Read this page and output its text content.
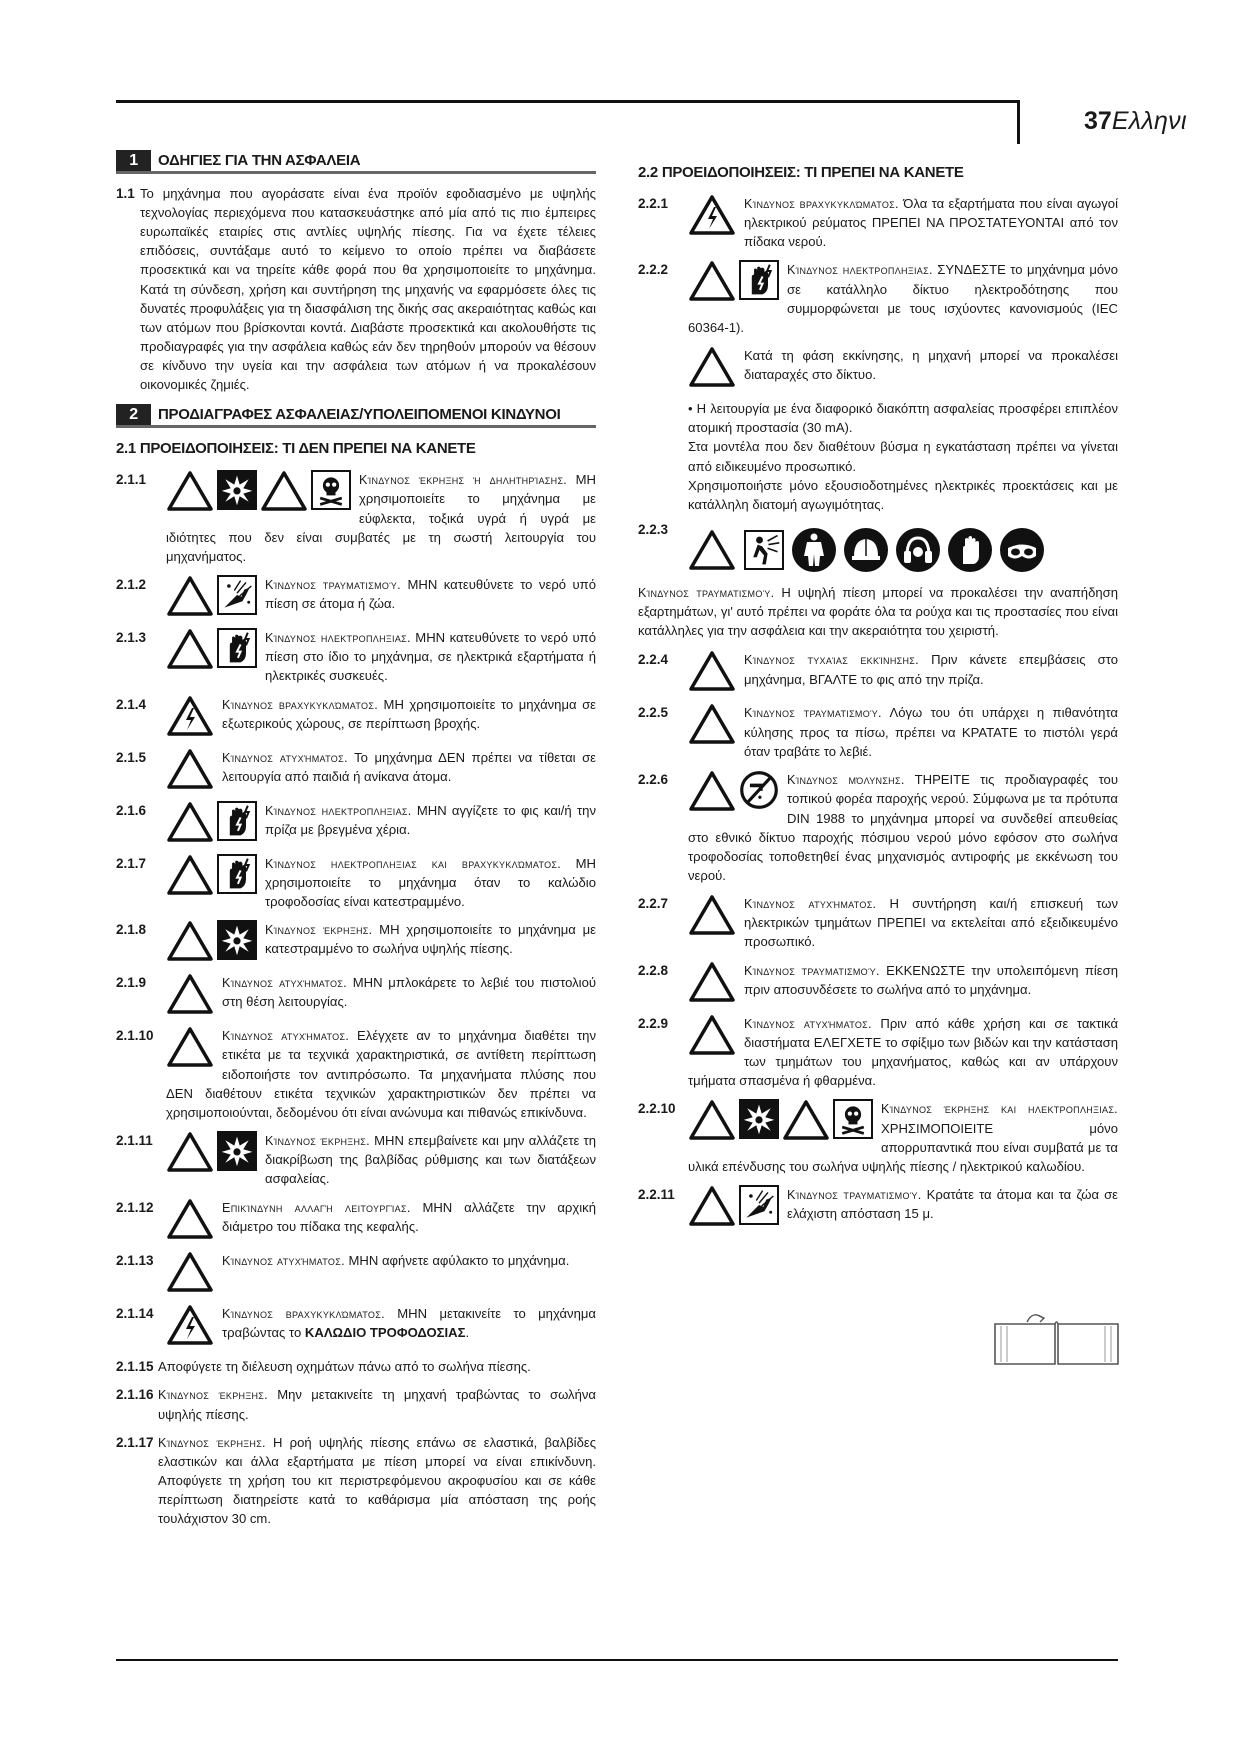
37Ελληνι
1	ΟΔΗΓΙΕΣ ΓΙΑ ΤΗΝ ΑΣΦΑΛΕΙΑ
1.1 Το μηχάνημα που αγοράσατε είναι ένα προϊόν εφοδιασμένο με υψηλής τεχνολογίας περιεχόμενα που κατασκευάστηκε από μία από τις πιο έμπειρες ευρωπαϊκές εταιρίες στις αντλίες υψηλής πίεσης. Για να έχετε τέλειες επιδόσεις, συντάξαμε αυτό το κείμενο το οποίο πρέπει να διαβάσετε προσεκτικά και να τηρείτε κάθε φορά που θα χρησιμοποιείτε το μηχάνημα. Κατά τη σύνδεση, χρήση και συντήρηση της μηχανής να εφαρμόσετε όλες τις δυνατές προφυλάξεις για τη διασφάλιση της δικής σας ακεραιότητας καθώς και των ατόμων που βρίσκονται κοντά. Διαβάστε προσεκτικά και ακολουθήστε τις προδιαγραφές για την ασφάλεια καθώς εάν δεν τηρηθούν μπορούν να θέσουν σε κίνδυνο την υγεία και την ασφάλεια των ατόμων ή να προκαλέσουν οικονομικές ζημιές.

2	ΠΡΟΔΙΑΓΡΑΦΕΣ ΑΣΦΑΛΕΙΑΣ/ΥΠΟΛΕΙΠΟΜΕΝΟΙ ΚΙΝΔΥΝΟΙ
2.1 ΠΡΟΕΙΔΟΠΟΙΗΣΕΙΣ: ΤΙ ΔΕΝ ΠΡΕΠΕΙ ΝΑ ΚΑΝΕΤΕ
2.1.1	Κίνδυνος έκρηξης ή δηλητηρίασης. ΜΗ χρησιμοποιείτε το μηχάνημα με εύφλεκτα, τοξικά υγρά ή υγρά με ιδιότητες που δεν είναι συμβατές με τη σωστή λειτουργία του μηχανήματος.
2.1.2	Κίνδυνος τραυματισμού. ΜΗΝ κατευθύνετε το νερό υπό πίεση σε άτομα ή ζώα.
2.1.3	Κίνδυνος ηλεκτροπληξιας. ΜΗΝ κατευθύνετε το νερό υπό πίεση στο ίδιο το μηχάνημα, σε ηλεκτρικά εξαρτήματα ή ηλεκτρικές συσκευές.
2.1.4	Κίνδυνος βραχυκυκλώματος. ΜΗ χρησιμοποιείτε το μηχάνημα σε εξωτερικούς χώρους, σε περίπτωση βροχής.
2.1.5	Κίνδυνος ατυχήματος. Το μηχάνημα ΔΕΝ πρέπει να τίθεται σε λειτουργία από παιδιά ή ανίκανα άτομα.
2.1.6	Κίνδυνος ηλεκτροπληξιας. ΜΗΝ αγγίζετε το φις και/ή την πρίζα με βρεγμένα χέρια.
2.1.7	Κίνδυνος ηλεκτροπληξιας και βραχυκυκλώματος. ΜΗ χρησιμοποιείτε το μηχάνημα όταν το καλώδιο τροφοδοσίας είναι κατεστραμμένο.
2.1.8	Κίνδυνος έκρηξης. ΜΗ χρησιμοποιείτε το μηχάνημα με κατεστραμμένο το σωλήνα υψηλής πίεσης.
2.1.9	Κίνδυνος ατυχήματος. ΜΗΝ μπλοκάρετε το λεβιέ του πιστολιού στη θέση λειτουργίας.
2.1.10	Κίνδυνος ατυχήματος. Ελέγχετε αν το μηχάνημα διαθέτει την ετικέτα με τα τεχνικά χαρακτηριστικά, σε αντίθετη περίπτωση ειδοποιήστε τον αντιπρόσωπο. Τα μηχανήματα πλύσης που ΔΕΝ διαθέτουν ετικέτα τεχνικών χαρακτηριστικών δεν πρέπει να χρησιμοποιούνται, δεδομένου ότι είναι ανώνυμα και πιθανώς επικίνδυνα.
2.1.11	Κίνδυνος έκρηξης. ΜΗΝ επεμβαίνετε και μην αλλάζετε τη διακρίβωση της βαλβίδας ρύθμισης και των διατάξεων ασφαλείας.
2.1.12	Επικίνδυνη αλλαγή λειτουργίας. ΜΗΝ αλλάζετε την αρχική διάμετρο του πίδακα της κεφαλής.
2.1.13	Κίνδυνος ατυχήματος. ΜΗΝ αφήνετε αφύλακτο το μηχάνημα.
2.1.14	Κίνδυνος βραχυκυκλώματος. ΜΗΝ μετακινείτε το μηχάνημα τραβώντας το ΚΑΛΩΔΙΟ ΤΡΟΦΟΔΟΣΙΑΣ.
2.1.15 Αποφύγετε τη διέλευση οχημάτων πάνω από το σωλήνα πίεσης.
2.1.16 Κίνδυνος έκρηξης. Μην μετακινείτε τη μηχανή τραβώντας το σωλήνα υψηλής πίεσης.
2.1.17 Κίνδυνος έκρηξης. Η ροή υψηλής πίεσης επάνω σε ελαστικά, βαλβίδες ελαστικών και άλλα εξαρτήματα με πίεση μπορεί να είναι επικίνδυνη. Αποφύγετε τη χρήση του κιτ περιστρεφόμενου ακροφυσίου και σε κάθε περίπτωση διατηρείστε κατά το καθάρισμα μία απόσταση της ροής τουλάχιστον 30 cm.
2.2 ΠΡΟΕΙΔΟΠΟΙΗΣΕΙΣ: ΤΙ ΠΡΕΠΕΙ ΝΑ ΚΑΝΕΤΕ
2.2.1	Κίνδυνος βραχυκυκλώματος. Όλα τα εξαρτήματα που είναι αγωγοί ηλεκτρικού ρεύματος ΠΡΕΠΕΙ ΝΑ ΠΡΟΣΤΑΤΕΥΟΝΤΑΙ από τον πίδακα νερού.
2.2.2	Κίνδυνος ηλεκτροπληξιας. ΣΥΝΔΕΣΤΕ το μηχάνημα μόνο σε κατάλληλο δίκτυο ηλεκτροδότησης που συμμορφώνεται με τους ισχύοντες κανονισμούς (IEC 60364-1).
Κατά τη φάση εκκίνησης, η μηχανή μπορεί να προκαλέσει διαταραχές στο δίκτυο.
• Η λειτουργία με ένα διαφορικό διακόπτη ασφαλείας προσφέρει επιπλέον ατομική προστασία (30 mA).
Στα μοντέλα που δεν διαθέτουν βύσμα η εγκατάσταση πρέπει να γίνεται από ειδικευμένο προσωπικό.
Χρησιμοποιήστε μόνο εξουσιοδοτημένες ηλεκτρικές προεκτάσεις και με κατάλληλη διατομή αγωγιμότητας.
2.2.3

Κίνδυνος τραυματισμού. Η υψηλή πίεση μπορεί να προκαλέσει την αναπήδηση εξαρτημάτων, γι' αυτό πρέπει να φοράτε όλα τα ρούχα και τις προστασίες που είναι κατάλληλες για την ασφάλεια και την ακεραιότητα του χειριστή.

2.2.4	Κίνδυνος τυχαίας εκκίνησης. Πριν κάνετε επεμβάσεις στο μηχάνημα, ΒΓΑΛΤΕ το φις από την πρίζα.
2.2.5	Κίνδυνος τραυματισμού. Λόγω του ότι υπάρχει η πιθανότητα κύλησης προς τα πίσω, πρέπει να ΚΡΑΤΑΤΕ το πιστόλι γερά όταν τραβάτε το λεβιέ.
2.2.6	Κίνδυνος μόλυνσης. ΤΗΡΕΙΤΕ τις προδιαγραφές του τοπικού φορέα παροχής νερού. Σύμφωνα με τα πρότυπα DIN 1988 το μηχάνημα μπορεί να συνδεθεί απευθείας στο εθνικό δίκτυο παροχής πόσιμου νερού μόνο εφόσον στο σωλήνα τροφοδοσίας τοποθετηθεί ένας μηχανισμός αντιροφής με εκκένωση του νερού.
2.2.7	Κίνδυνος ατυχήματος. Η συντήρηση και/ή επισκευή των ηλεκτρικών τμημάτων ΠΡΕΠΕΙ να εκτελείται από εξειδικευμένο προσωπικό.
2.2.8	Κίνδυνος τραυματισμού. ΕΚΚΕΝΩΣΤΕ την υπολειπόμενη πίεση πριν αποσυνδέσετε το σωλήνα από το μηχάνημα.
2.2.9	Κίνδυνος ατυχήματος. Πριν από κάθε χρήση και σε τακτικά διαστήματα ΕΛΕΓΧΕΤΕ το σφίξιμο των βιδών και την κατάσταση των τμημάτων του μηχανήματος, καθώς και αν υπάρχουν τμήματα σπασμένα ή φθαρμένα.
2.2.10	Κίνδυνος έκρηξης και ηλεκτροπληξιας. ΧΡΗΣΙΜΟΠΟΙΕΙΤΕ μόνο απορρυπαντικά που είναι συμβατά με τα υλικά επένδυσης του σωλήνα υψηλής πίεσης / ηλεκτρικού καλωδίου.
2.2.11	Κίνδυνος τραυματισμού. Κρατάτε τα άτομα και τα ζώα σε ελάχιστη απόσταση 15 μ.
